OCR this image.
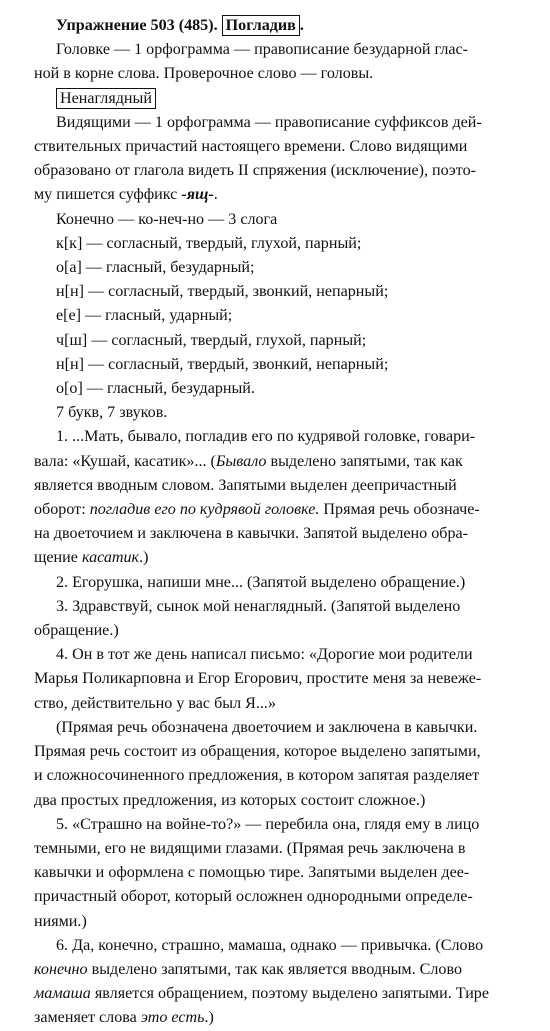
Упражнение 503 (485). Погладив .

Головке — 1 орфограмма — правописание безударной глас-

ной в корне слова. Проверочное слово — головы.

Ненаглядный

Видящими — 1 орфограмма — правописание суффиксов дей-

ствительных причастий настоящего времени. Слово видящими

образовано от глагола видеть II спряжения (исключение), поэто-

му пишется суффикс -ящ-.

Конечно — ко-неч-но — 3 слога

к[к] — согласный, твердый, глухой, парный;

о[а] — гласный, безударный;

н[н] — согласный, твердый, звонкий, непарный;

е[е] — гласный, ударный;

ч[ш] — согласный, твердый, глухой, парный;

н[н] — согласный, твердый, звонкий, непарный;

о[о] — гласный, безударный.

7 букв, 7 звуков.

1. ...Мать, бывало, погладив его по кудрявой головке, говари-

вала: «Кушай, касатик»... (Бывало выделено запятыми, так как

является вводным словом. Запятыми выделен деепричастный

оборот: погладив его по кудрявой головке. Прямая речь обозначе-

на двоеточием и заключена в кавычки. Запятой выделено обра-

щение касатик.)

2. Егорушка, напиши мне... (Запятой выделено обращение.)

3. Здравствуй, сынок мой ненаглядный. (Запятой выделено

обращение.)

4. Он в тот же день написал письмо: «Дорогие мои родители

Марья Поликарповна и Егор Егорович, простите меня за невеже-

ство, действительно у вас был Я...»

(Прямая речь обозначена двоеточием и заключена в кавычки.

Прямая речь состоит из обращения, которое выделено запятыми,

и сложносочиненного предложения, в котором запятая разделяет

два простых предложения, из которых состоит сложное.)

5. «Страшно на войне-то?» — перебила она, глядя ему в лицо

темными, его не видящими глазами. (Прямая речь заключена в

кавычки и оформлена с помощью тире. Запятыми выделен дее-

причастный оборот, который осложнен однородными определе-

ниями.)

6. Да, конечно, страшно, мамаша, однако — привычка. (Слово

конечно выделено запятыми, так как является вводным. Слово

мамаша является обращением, поэтому выделено запятыми. Тире

заменяет слова это есть.)
